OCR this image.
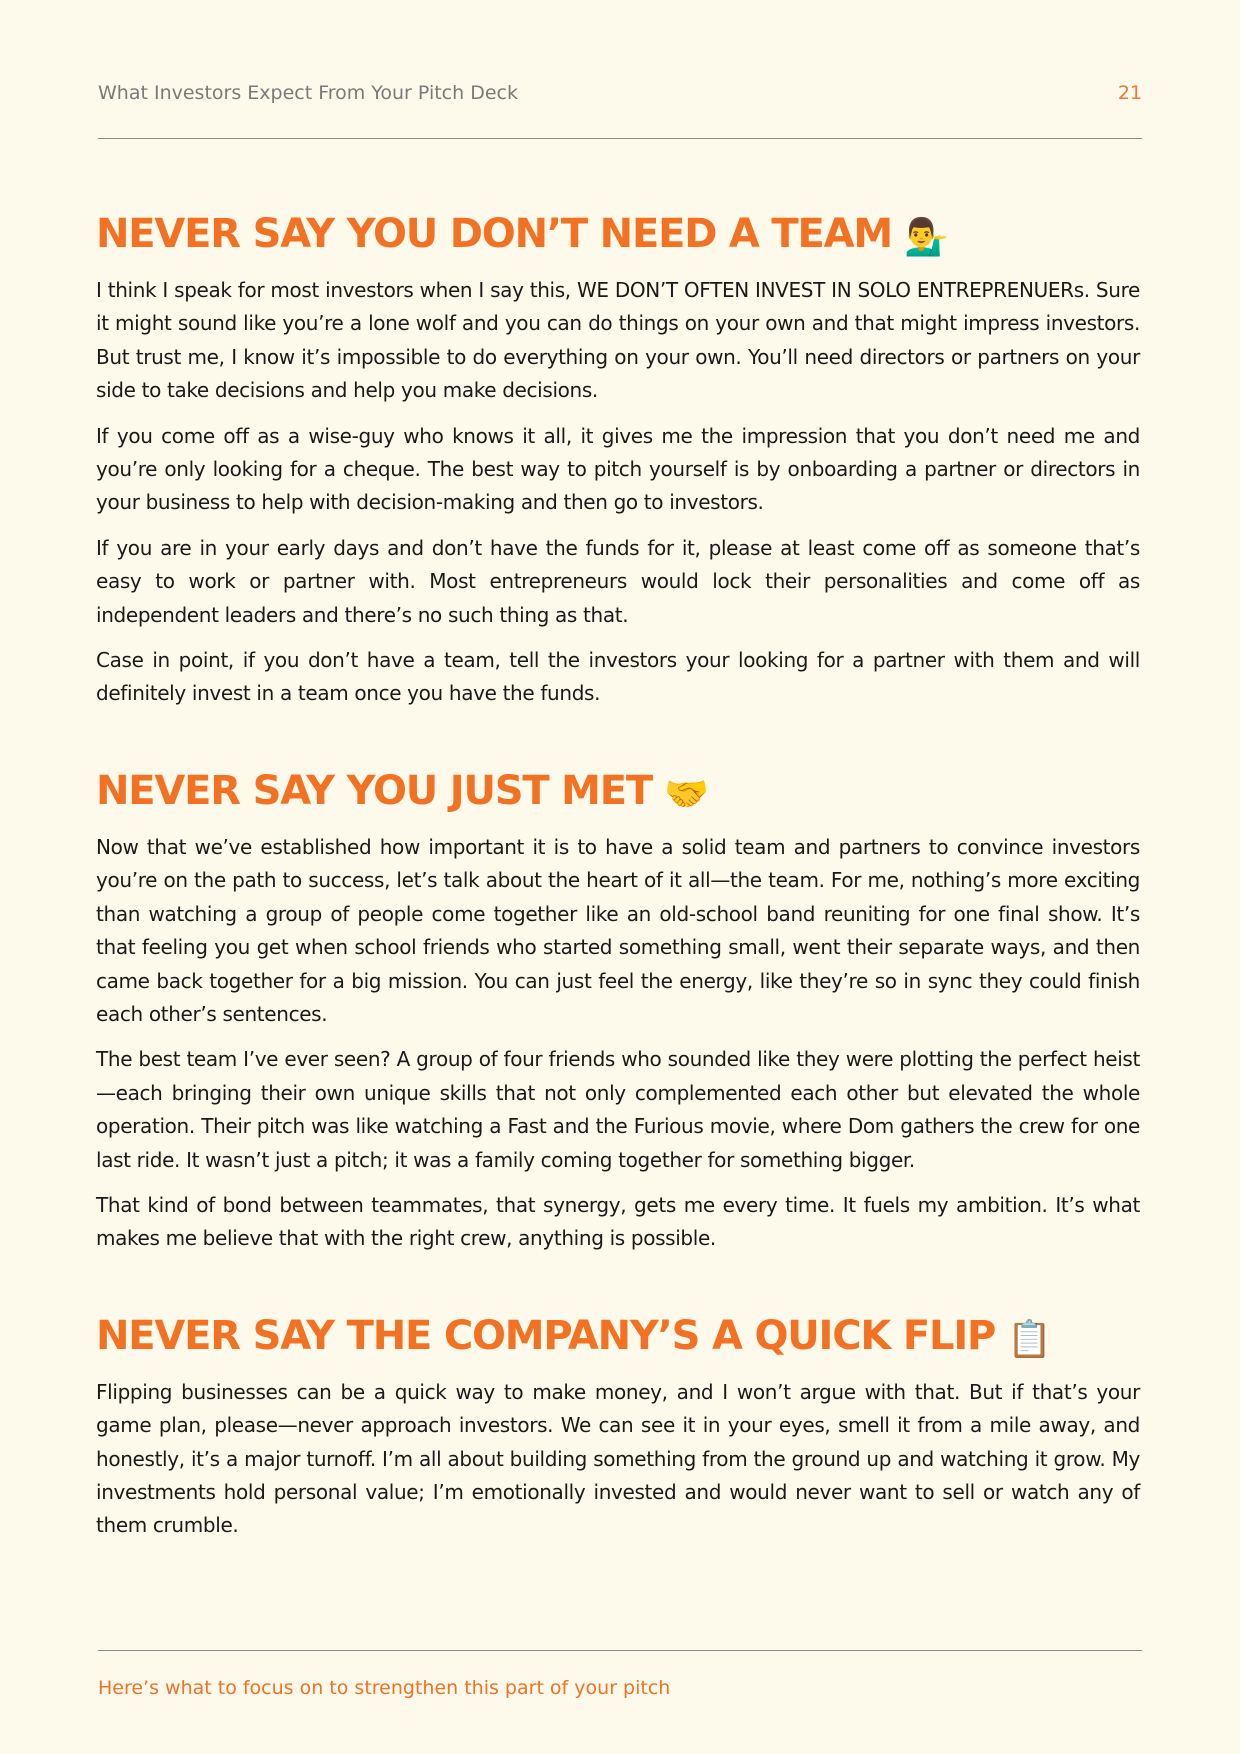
What Investors Expect From Your Pitch Deck	21
NEVER SAY YOU DON’T NEED A TEAM 💁‍♂️

I think I speak for most investors when I say this, WE DON’T OFTEN INVEST IN SOLO ENTREPRENUERs. Sure it might sound like you’re a lone wolf and you can do things on your own and that might impress investors. But trust me, I know it’s impossible to do everything on your own. You’ll need directors or partners on your side to take decisions and help you make decisions.

If you come off as a wise-guy who knows it all, it gives me the impression that you don’t need me and you’re only looking for a cheque. The best way to pitch yourself is by onboarding a partner or directors in your business to help with decision-making and then go to investors.

If you are in your early days and don’t have the funds for it, please at least come off as someone that’s easy to work or partner with. Most entrepreneurs would lock their personalities and come off as independent leaders and there’s no such thing as that.

Case in point, if you don’t have a team, tell the investors your looking for a partner with them and will definitely invest in a team once you have the funds.

NEVER SAY YOU JUST MET 🤝

Now that we’ve established how important it is to have a solid team and partners to convince investors you’re on the path to success, let’s talk about the heart of it all—the team. For me, nothing’s more exciting than watching a group of people come together like an old-school band reuniting for one final show. It’s that feeling you get when school friends who started something small, went their separate ways, and then came back together for a big mission. You can just feel the energy, like they’re so in sync they could finish each other’s sentences.

The best team I’ve ever seen? A group of four friends who sounded like they were plotting the perfect heist—each bringing their own unique skills that not only complemented each other but elevated the whole operation. Their pitch was like watching a Fast and the Furious movie, where Dom gathers the crew for one last ride. It wasn’t just a pitch; it was a family coming together for something bigger.

That kind of bond between teammates, that synergy, gets me every time. It fuels my ambition. It’s what makes me believe that with the right crew, anything is possible.

NEVER SAY THE COMPANY’S A QUICK FLIP 📋

Flipping businesses can be a quick way to make money, and I won’t argue with that. But if that’s your game plan, please—never approach investors. We can see it in your eyes, smell it from a mile away, and honestly, it’s a major turnoff. I’m all about building something from the ground up and watching it grow. My investments hold personal value; I’m emotionally invested and would never want to sell or watch any of them crumble.

Here’s what to focus on to strengthen this part of your pitch
